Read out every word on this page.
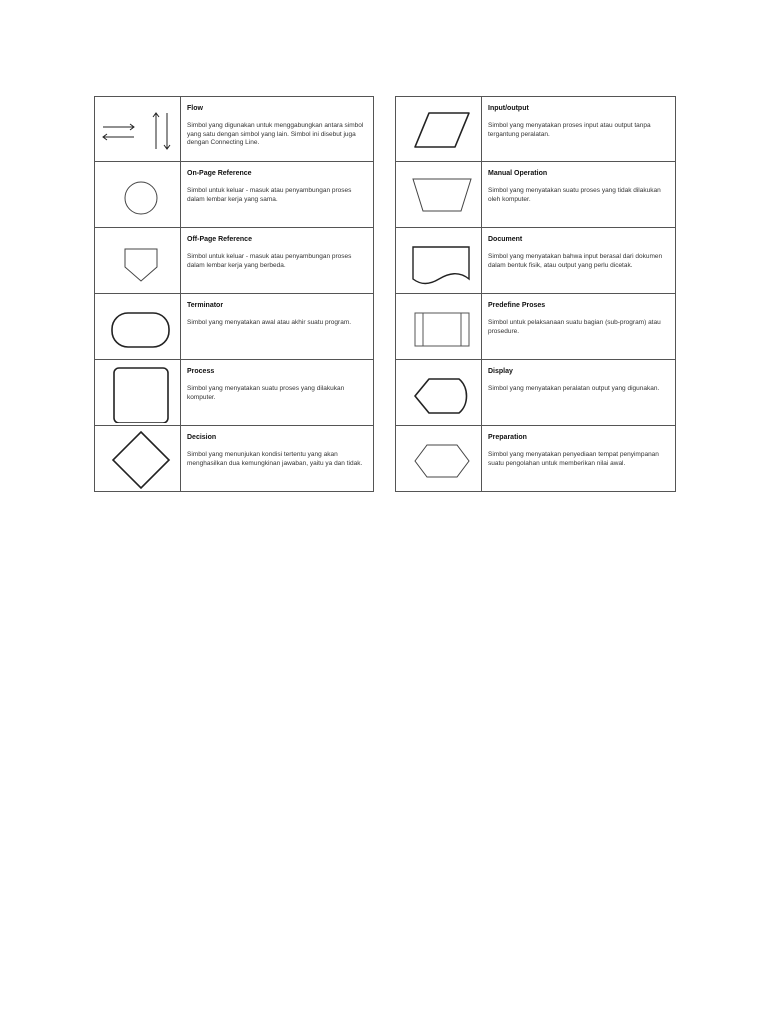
Flow
Simbol yang digunakan untuk menggabungkan antara simbol yang satu dengan simbol yang lain. Simbol ini disebut juga dengan Connecting Line.
On-Page Reference
Simbol untuk keluar - masuk atau penyambungan proses dalam lembar kerja yang sama.
Off-Page Reference
Simbol untuk keluar - masuk atau penyambungan proses dalam lembar kerja yang berbeda.
Terminator
Simbol yang menyatakan awal atau akhir suatu program.
Process
Simbol yang menyatakan suatu proses yang dilakukan komputer.
Decision
Simbol yang menunjukan kondisi tertentu yang akan menghasilkan dua kemungkinan jawaban, yaitu ya dan tidak.
Input/output
Simbol yang menyatakan proses input atau output tanpa tergantung peralatan.
Manual Operation
Simbol yang menyatakan suatu proses yang tidak dilakukan oleh komputer.
Document
Simbol yang menyatakan bahwa input berasal dari dokumen dalam bentuk fisik, atau output yang perlu dicetak.
Predefine Proses
Simbol untuk pelaksanaan suatu bagian (sub-program) atau prosedure.
Display
Simbol yang menyatakan peralatan output yang digunakan.
Preparation
Simbol yang menyatakan penyediaan tempat penyimpanan suatu pengolahan untuk memberikan nilai awal.
